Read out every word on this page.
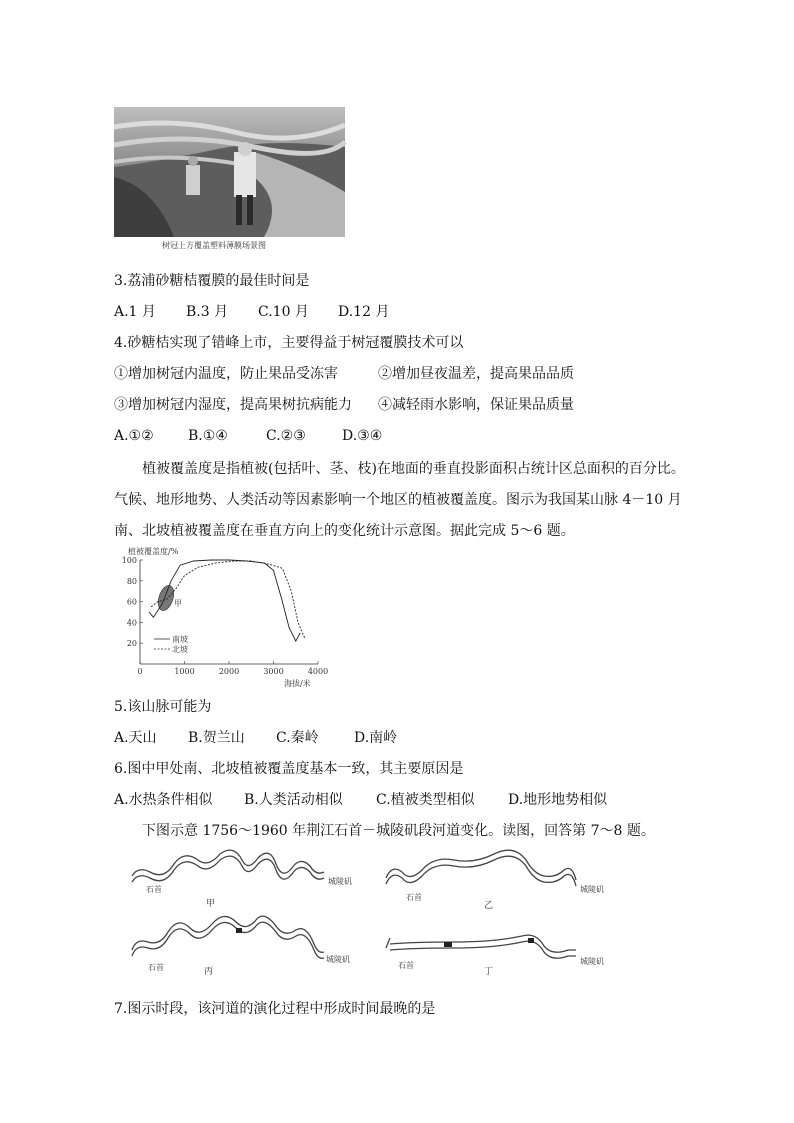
树冠上方覆盖塑料薄膜场景图
3.荔浦砂糖桔覆膜的最佳时间是
A.1 月 B.3 月 C.10 月 D.12 月
4.砂糖桔实现了错峰上市，主要得益于树冠覆膜技术可以
①增加树冠内温度，防止果品受冻害	②增加昼夜温差，提高果品品质
③增加树冠内湿度，提高果树抗病能力 ④减轻雨水影响，保证果品质量
A.①② B.①④	C.②③	D.③④
植被覆盖度是指植被(包括叶、茎、枝)在地面的垂直投影面积占统计区总面积的百分比。
气候、地形地势、人类活动等因素影响一个地区的植被覆盖度。图示为我国某山脉 4－10 月
南、北坡植被覆盖度在垂直方向上的变化统计示意图。据此完成 5～6 题。
植被覆盖度/%
海拔/米
20
40
60
80
100
0	1000	2000	3000	4000
甲
南坡
北坡
5.该山脉可能为
A.天山 B.贺兰山 C.秦岭	D.南岭
6.图中甲处南、北坡植被覆盖度基本一致，其主要原因是
A.水热条件相似 B.人类活动相似 C.植被类型相似 D.地形地势相似
下图示意 1756～1960 年荆江石首－城陵矶段河道变化。读图，回答第 7～8 题。
石首
城陵矶
甲
石首
城陵矶
乙
石首
城陵矶
丙
石首	城陵矶
丁
7.图示时段，该河道的演化过程中形成时间最晚的是
